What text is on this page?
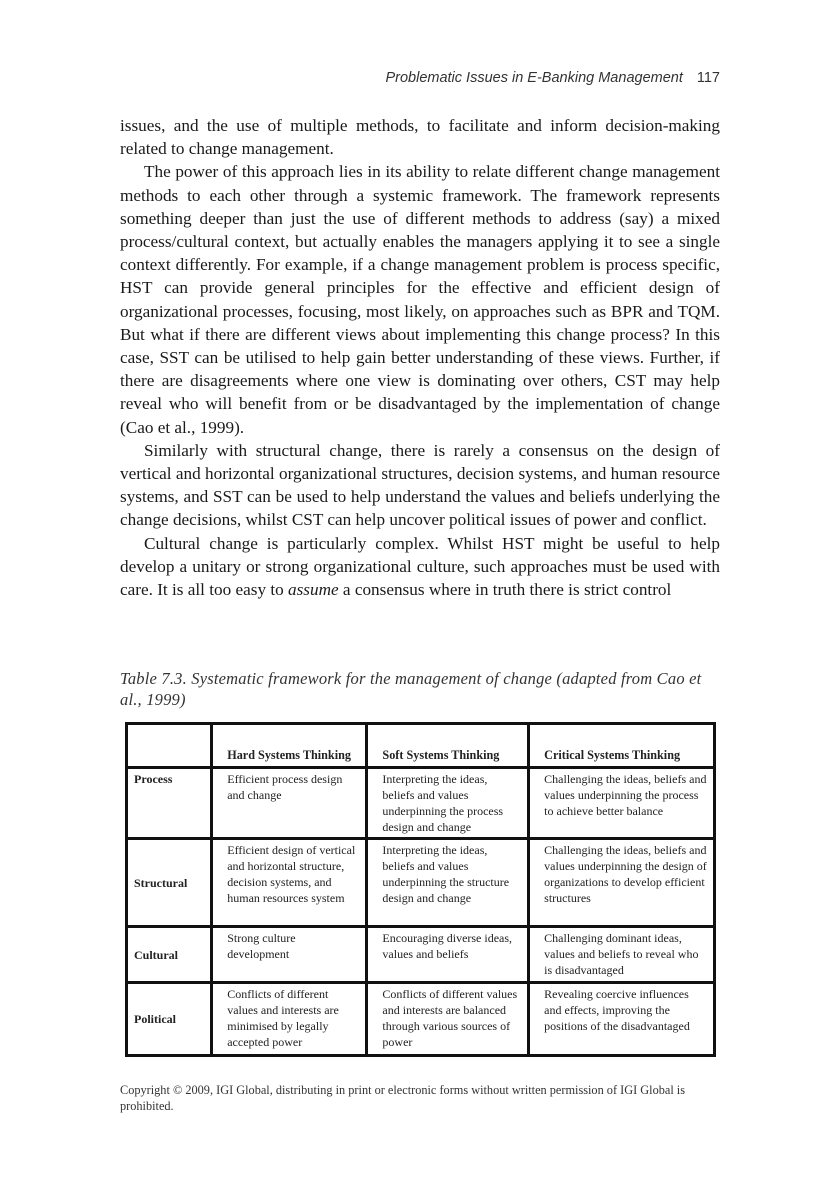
Problematic Issues in E-Banking Management 117

issues, and the use of multiple methods, to facilitate and inform decision-making related to change management.

The power of this approach lies in its ability to relate different change management methods to each other through a systemic framework. The framework represents something deeper than just the use of different methods to address (say) a mixed process/cultural context, but actually enables the managers applying it to see a single context differently. For example, if a change management problem is process specific, HST can provide general principles for the effective and efficient design of organizational processes, focusing, most likely, on approaches such as BPR and TQM. But what if there are different views about implementing this change process? In this case, SST can be utilised to help gain better understanding of these views. Further, if there are disagreements where one view is dominating over others, CST may help reveal who will benefit from or be disadvantaged by the implementation of change (Cao et al., 1999).

Similarly with structural change, there is rarely a consensus on the design of vertical and horizontal organizational structures, decision systems, and human resource systems, and SST can be used to help understand the values and beliefs underlying the change decisions, whilst CST can help uncover political issues of power and conflict.

Cultural change is particularly complex. Whilst HST might be useful to help develop a unitary or strong organizational culture, such approaches must be used with care. It is all too easy to assume a consensus where in truth there is strict control

Table 7.3. Systematic framework for the management of change (adapted from Cao et al., 1999)
	Hard Systems Thinking	Soft Systems Thinking	Critical Systems Thinking
Process	Efficient process design and change	Interpreting the ideas, beliefs and values underpinning the process design and change	Challenging the ideas, beliefs and values underpinning the process to achieve better balance
Structural	Efficient design of vertical and horizontal structure, decision systems, and human resources system	Interpreting the ideas, beliefs and values underpinning the structure design and change	Challenging the ideas, beliefs and values underpinning the design of organizations to develop efficient structures
Cultural	Strong culture development	Encouraging diverse ideas, values and beliefs	Challenging dominant ideas, values and beliefs to reveal who is disadvantaged
Political	Conflicts of different values and interests are minimised by legally accepted power	Conflicts of different values and interests are balanced through various sources of power	Revealing coercive influences and effects, improving the positions of the disadvantaged
Copyright © 2009, IGI Global, distributing in print or electronic forms without written permission of IGI Global is prohibited.
